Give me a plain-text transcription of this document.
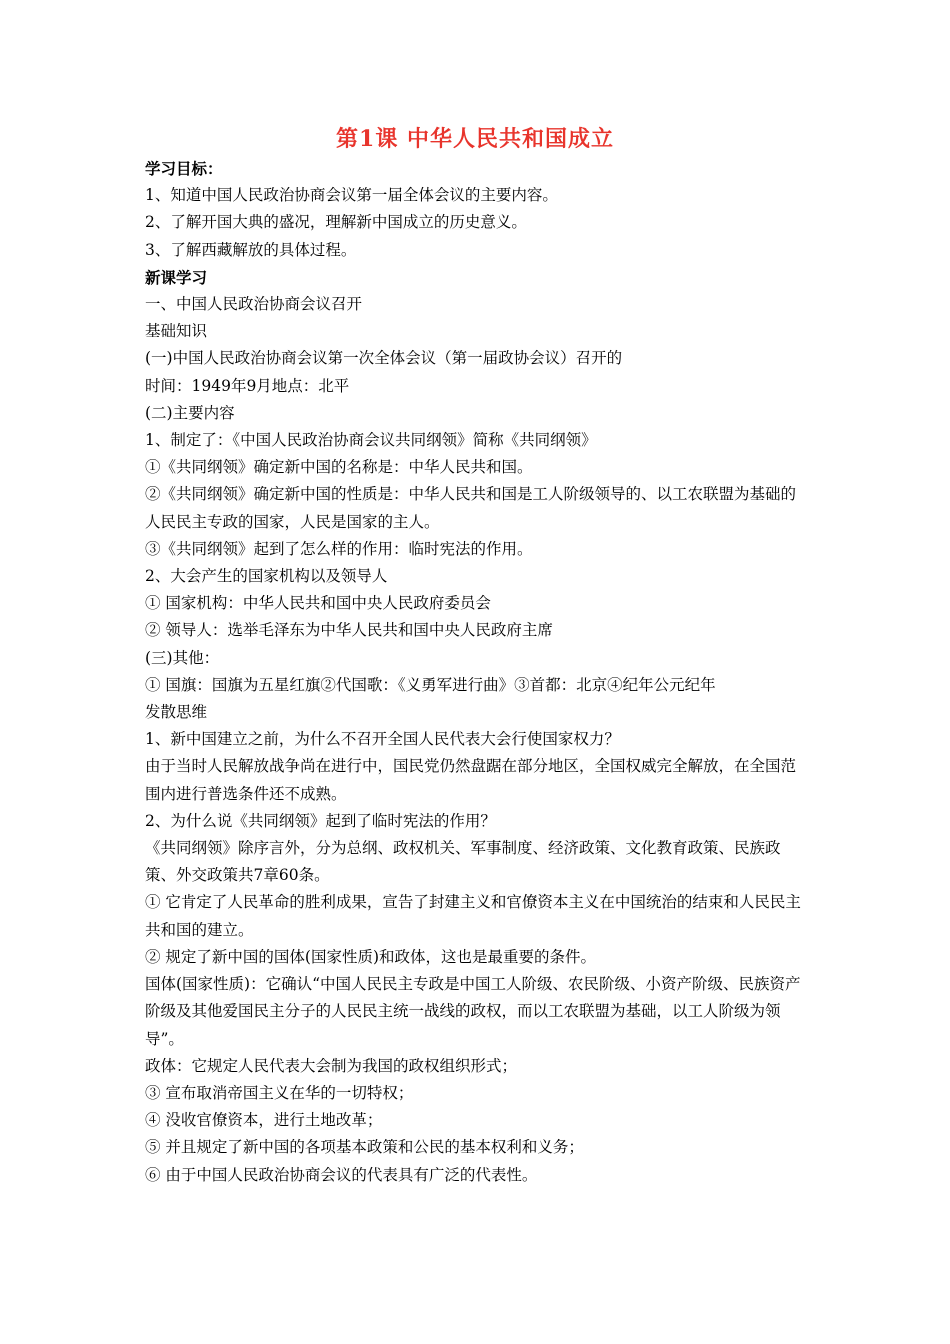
第1课 中华人民共和国成立

学习目标：

1、知道中国人民政治协商会议第一届全体会议的主要内容。

2、了解开国大典的盛况，理解新中国成立的历史意义。

3、了解西藏解放的具体过程。

新课学习

一、中国人民政治协商会议召开

基础知识

(一)中国人民政治协商会议第一次全体会议（第一届政协会议）召开的

时间：1949年9月地点：北平

(二)主要内容

1、制定了：《中国人民政治协商会议共同纲领》简称《共同纲领》

①《共同纲领》确定新中国的名称是：中华人民共和国。

②《共同纲领》确定新中国的性质是：中华人民共和国是工人阶级领导的、以工农联盟为基础的人民民主专政的国家，人民是国家的主人。

③《共同纲领》起到了怎么样的作用：临时宪法的作用。

2、大会产生的国家机构以及领导人

① 国家机构：中华人民共和国中央人民政府委员会

② 领导人：选举毛泽东为中华人民共和国中央人民政府主席

(三)其他：

① 国旗：国旗为五星红旗②代国歌：《义勇军进行曲》③首都：北京④纪年公元纪年

发散思维

1、新中国建立之前，为什么不召开全国人民代表大会行使国家权力？

由于当时人民解放战争尚在进行中，国民党仍然盘踞在部分地区，全国权威完全解放，在全国范围内进行普选条件还不成熟。

2、为什么说《共同纲领》起到了临时宪法的作用？

《共同纲领》除序言外，分为总纲、政权机关、军事制度、经济政策、文化教育政策、民族政策、外交政策共7章60条。

① 它肯定了人民革命的胜利成果，宣告了封建主义和官僚资本主义在中国统治的结束和人民民主共和国的建立。

② 规定了新中国的国体(国家性质)和政体，这也是最重要的条件。

国体(国家性质)：它确认“中国人民民主专政是中国工人阶级、农民阶级、小资产阶级、民族资产阶级及其他爱国民主分子的人民民主统一战线的政权，而以工农联盟为基础，以工人阶级为领导”。

政体：它规定人民代表大会制为我国的政权组织形式；

③ 宣布取消帝国主义在华的一切特权；

④ 没收官僚资本，进行土地改革；

⑤ 并且规定了新中国的各项基本政策和公民的基本权利和义务；

⑥ 由于中国人民政治协商会议的代表具有广泛的代表性。
